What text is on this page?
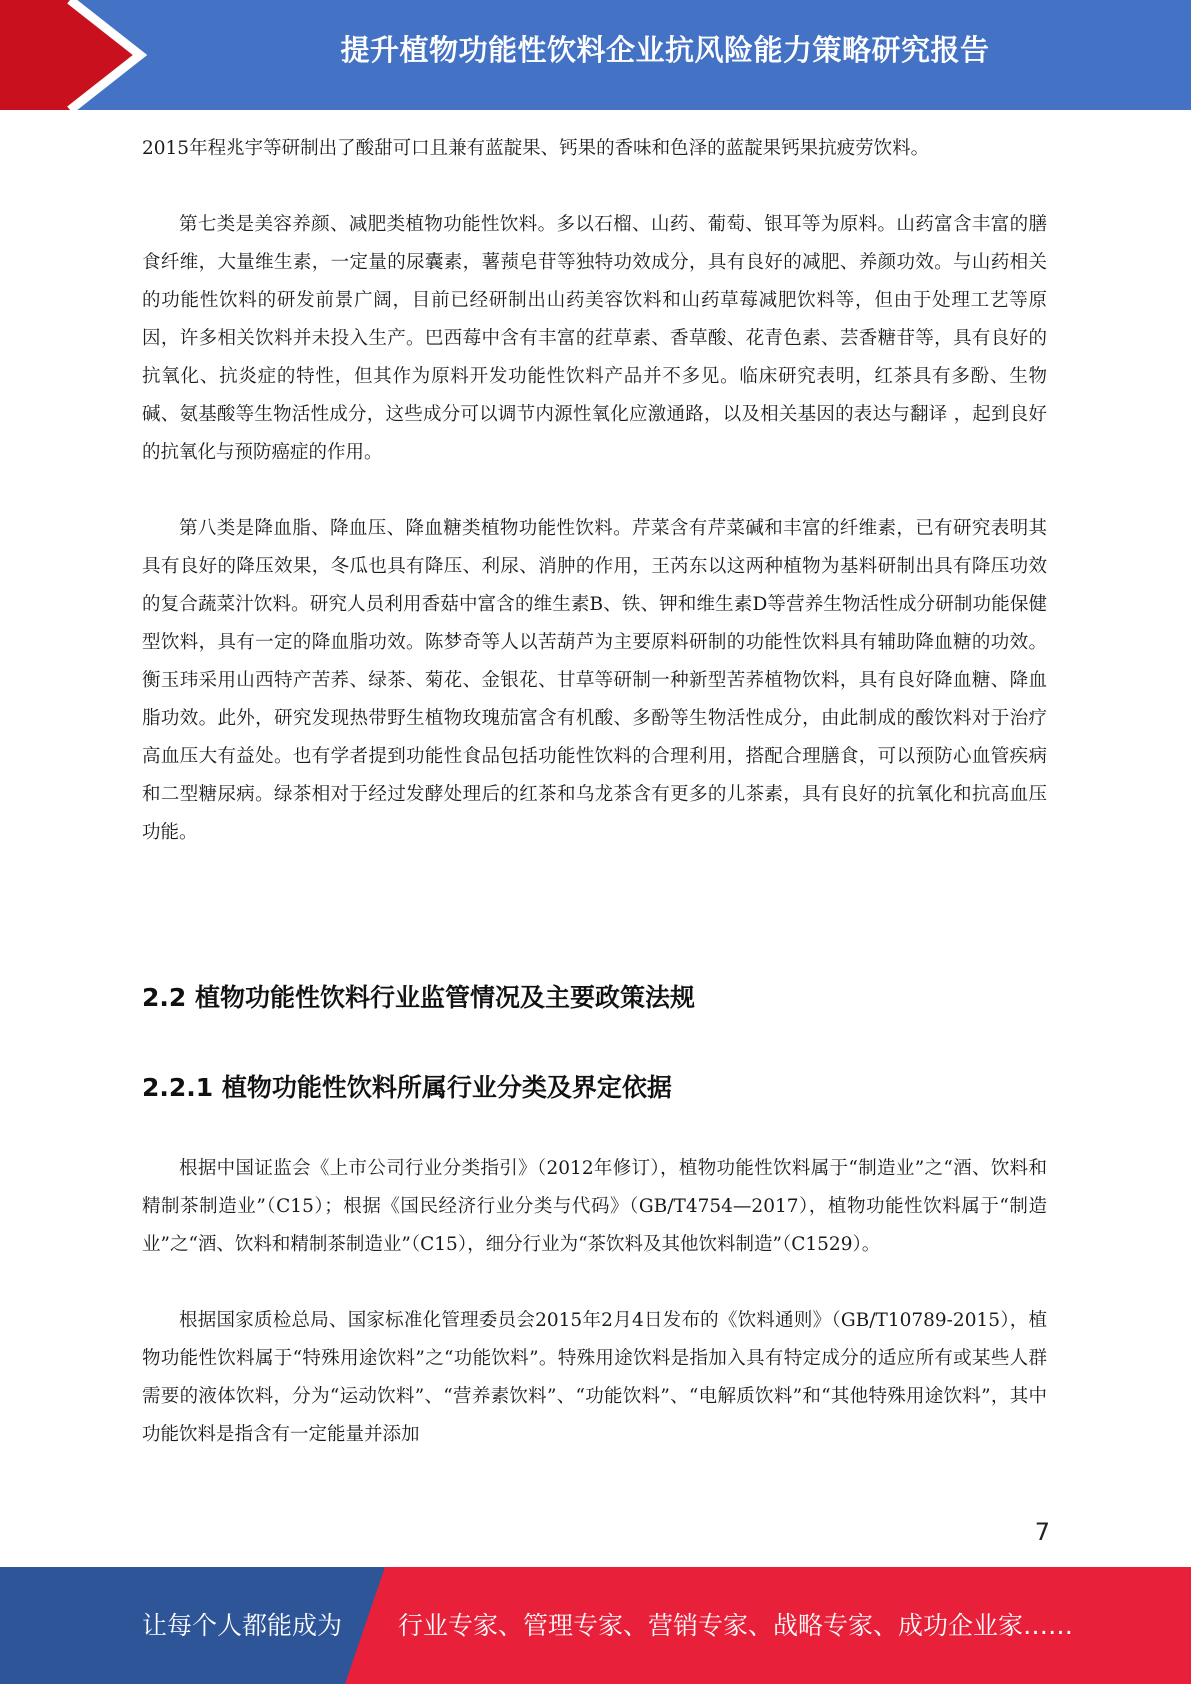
提升植物功能性饮料企业抗风险能力策略研究报告

2015年程兆宇等研制出了酸甜可口且兼有蓝靛果、钙果的香味和色泽的蓝靛果钙果抗疲劳饮料。

第七类是美容养颜、减肥类植物功能性饮料。多以石榴、山药、葡萄、银耳等为原料。山药富含丰富的膳食纤维，大量维生素，一定量的尿囊素，薯蓣皂苷等独特功效成分，具有良好的减肥、养颜功效。与山药相关的功能性饮料的研发前景广阔，目前已经研制出山药美容饮料和山药草莓减肥饮料等，但由于处理工艺等原因，许多相关饮料并未投入生产。巴西莓中含有丰富的荭草素、香草酸、花青色素、芸香糖苷等，具有良好的抗氧化、抗炎症的特性，但其作为原料开发功能性饮料产品并不多见。临床研究表明，红茶具有多酚、生物碱、氨基酸等生物活性成分，这些成分可以调节内源性氧化应激通路，以及相关基因的表达与翻译 ，起到良好的抗氧化与预防癌症的作用。

第八类是降血脂、降血压、降血糖类植物功能性饮料。芹菜含有芹菜碱和丰富的纤维素，已有研究表明其具有良好的降压效果，冬瓜也具有降压、利尿、消肿的作用，王芮东以这两种植物为基料研制出具有降压功效的复合蔬菜汁饮料。研究人员利用香菇中富含的维生素B、铁、钾和维生素D等营养生物活性成分研制功能保健型饮料，具有一定的降血脂功效。陈梦奇等人以苦葫芦为主要原料研制的功能性饮料具有辅助降血糖的功效。衡玉玮采用山西特产苦荞、绿茶、菊花、金银花、甘草等研制一种新型苦荞植物饮料，具有良好降血糖、降血脂功效。此外，研究发现热带野生植物玫瑰茄富含有机酸、多酚等生物活性成分，由此制成的酸饮料对于治疗高血压大有益处。也有学者提到功能性食品包括功能性饮料的合理利用，搭配合理膳食，可以预防心血管疾病和二型糖尿病。绿茶相对于经过发酵处理后的红茶和乌龙茶含有更多的儿茶素，具有良好的抗氧化和抗高血压功能。

2.2 植物功能性饮料行业监管情况及主要政策法规
2.2.1 植物功能性饮料所属行业分类及界定依据

根据中国证监会《上市公司行业分类指引》（2012年修订），植物功能性饮料属于“制造业”之“酒、饮料和精制茶制造业”（C15）；根据《国民经济行业分类与代码》（GB/T4754—2017），植物功能性饮料属于“制造业”之“酒、饮料和精制茶制造业”（C15），细分行业为“茶饮料及其他饮料制造”（C1529）。

根据国家质检总局、国家标准化管理委员会2015年2月4日发布的《饮料通则》（GB/T10789-2015），植物功能性饮料属于“特殊用途饮料”之“功能饮料”。特殊用途饮料是指加入具有特定成分的适应所有或某些人群需要的液体饮料，分为“运动饮料”、“营养素饮料”、“功能饮料”、“电解质饮料”和“其他特殊用途饮料”，其中功能饮料是指含有一定能量并添加

7
让每个人都能成为 行业专家、管理专家、营销专家、战略专家、成功企业家……
